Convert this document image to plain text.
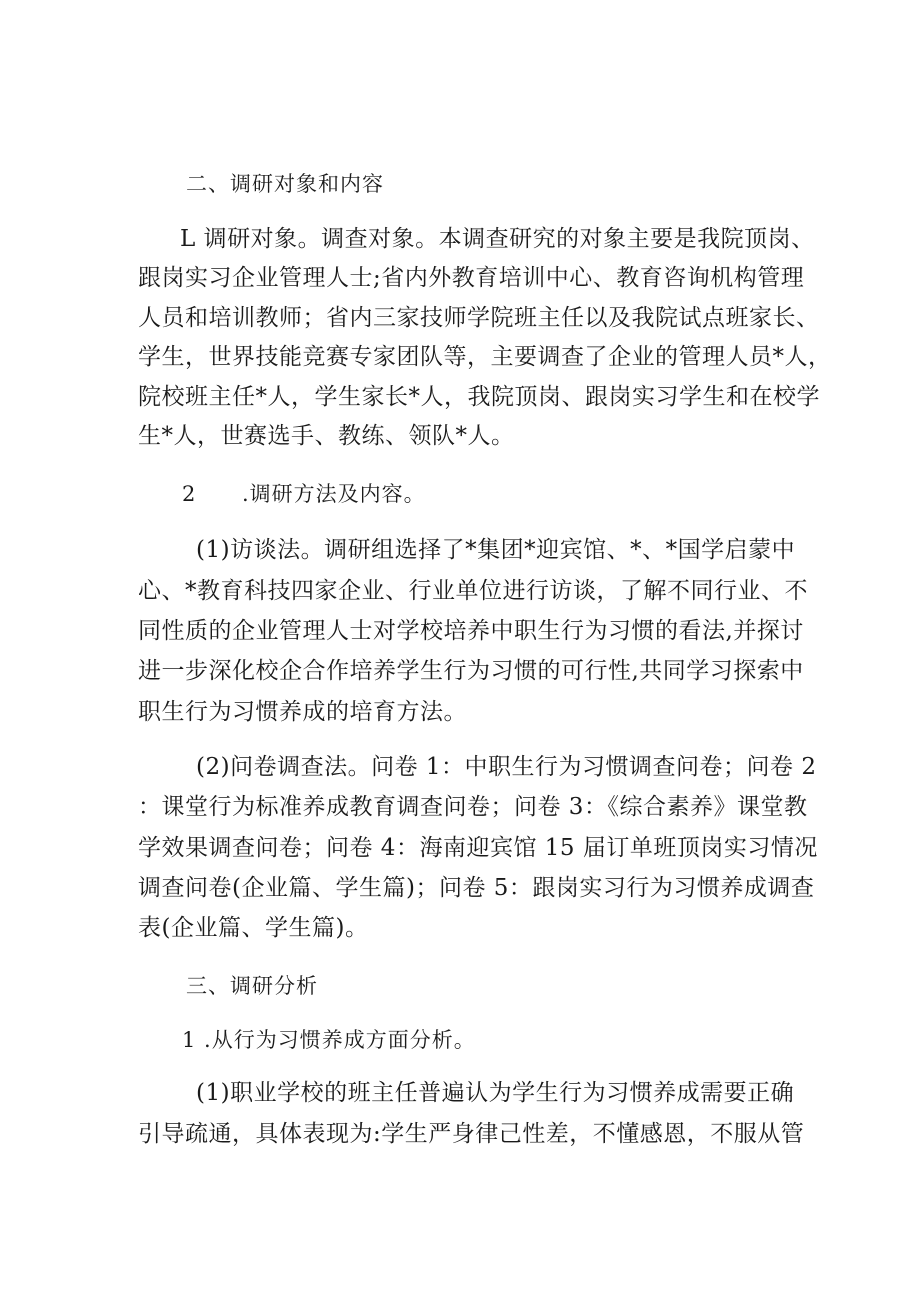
二、调研对象和内容
L 调研对象。调查对象。本调查研究的对象主要是我院顶岗、
跟岗实习企业管理人士;省内外教育培训中心、教育咨询机构管理
人员和培训教师；省内三家技师学院班主任以及我院试点班家长、
学生，世界技能竞赛专家团队等，主要调查了企业的管理人员*人，
院校班主任*人，学生家长*人，我院顶岗、跟岗实习学生和在校学
生*人，世赛选手、教练、领队*人。
2 .调研方法及内容。
(1)访谈法。调研组选择了*集团*迎宾馆、*、*国学启蒙中
心、*教育科技四家企业、行业单位进行访谈，了解不同行业、不
同性质的企业管理人士对学校培养中职生行为习惯的看法,并探讨
进一步深化校企合作培养学生行为习惯的可行性,共同学习探索中
职生行为习惯养成的培育方法。
(2)问卷调查法。问卷 1：中职生行为习惯调查问卷；问卷 2
：课堂行为标准养成教育调查问卷；问卷 3：《综合素养》课堂教
学效果调查问卷；问卷 4：海南迎宾馆 15 届订单班顶岗实习情况
调查问卷(企业篇、学生篇)；问卷 5：跟岗实习行为习惯养成调查
表(企业篇、学生篇)。
三、调研分析
1 .从行为习惯养成方面分析。
(1)职业学校的班主任普遍认为学生行为习惯养成需要正确
引导疏通，具体表现为:学生严身律己性差，不懂感恩，不服从管
